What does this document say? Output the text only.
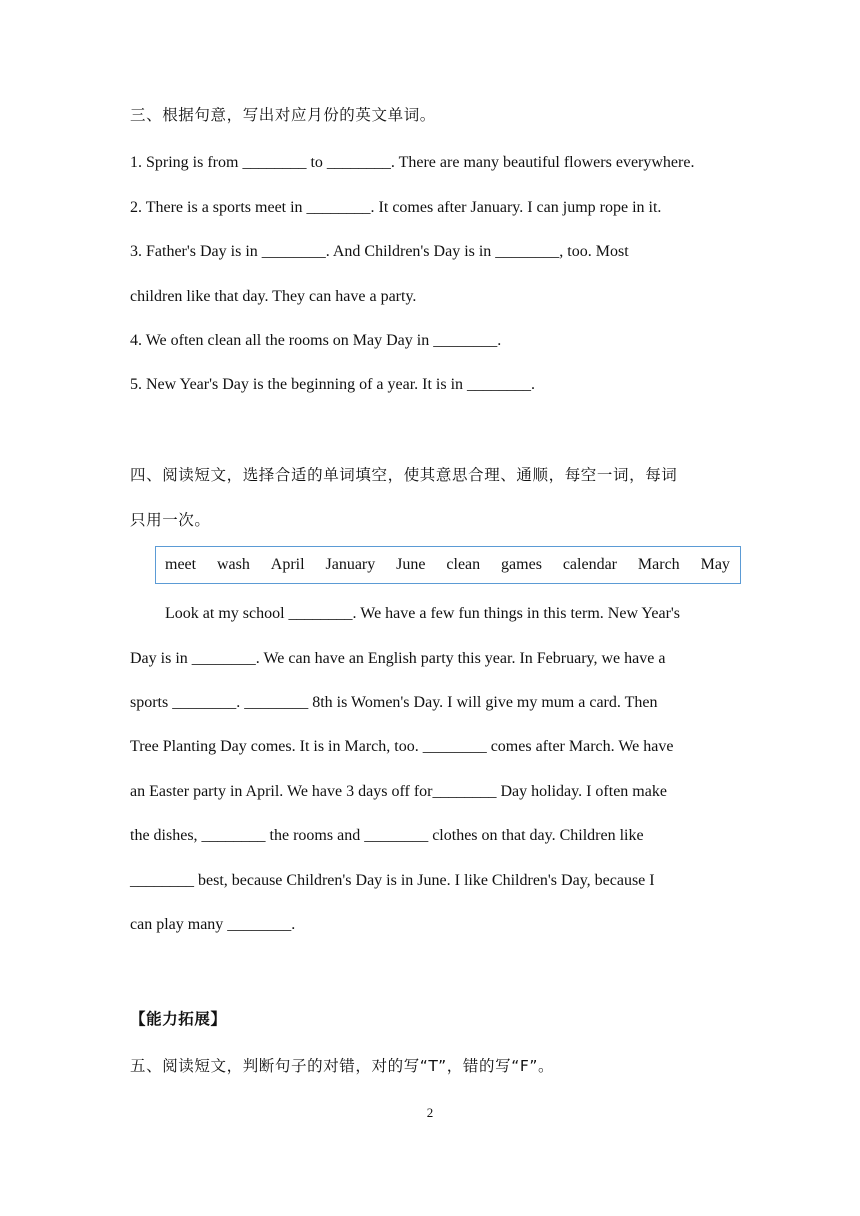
三、根据句意，写出对应月份的英文单词。
1. Spring is from ________ to ________. There are many beautiful flowers everywhere.
2. There is a sports meet in ________. It comes after January. I can jump rope in it.
3. Father's Day is in ________. And Children's Day is in ________, too. Most
children like that day. They can have a party.
4. We often clean all the rooms on May Day in ________.
5. New Year's Day is the beginning of a year. It is in ________.
四、阅读短文，选择合适的单词填空，使其意思合理、通顺，每空一词，每词
只用一次。
meet wash April January June clean games calendar March May
Look at my school ________. We have a few fun things in this term. New Year's
Day is in ________. We can have an English party this year. In February, we have a
sports ________. ________ 8th is Women's Day. I will give my mum a card. Then
Tree Planting Day comes. It is in March, too. ________ comes after March. We have
an Easter party in April. We have 3 days off for________ Day holiday. I often make
the dishes, ________ the rooms and ________ clothes on that day. Children like
________ best, because Children's Day is in June. I like Children's Day, because I
can play many ________.
【能力拓展】
五、阅读短文，判断句子的对错，对的写“T”，错的写“F”。
2
